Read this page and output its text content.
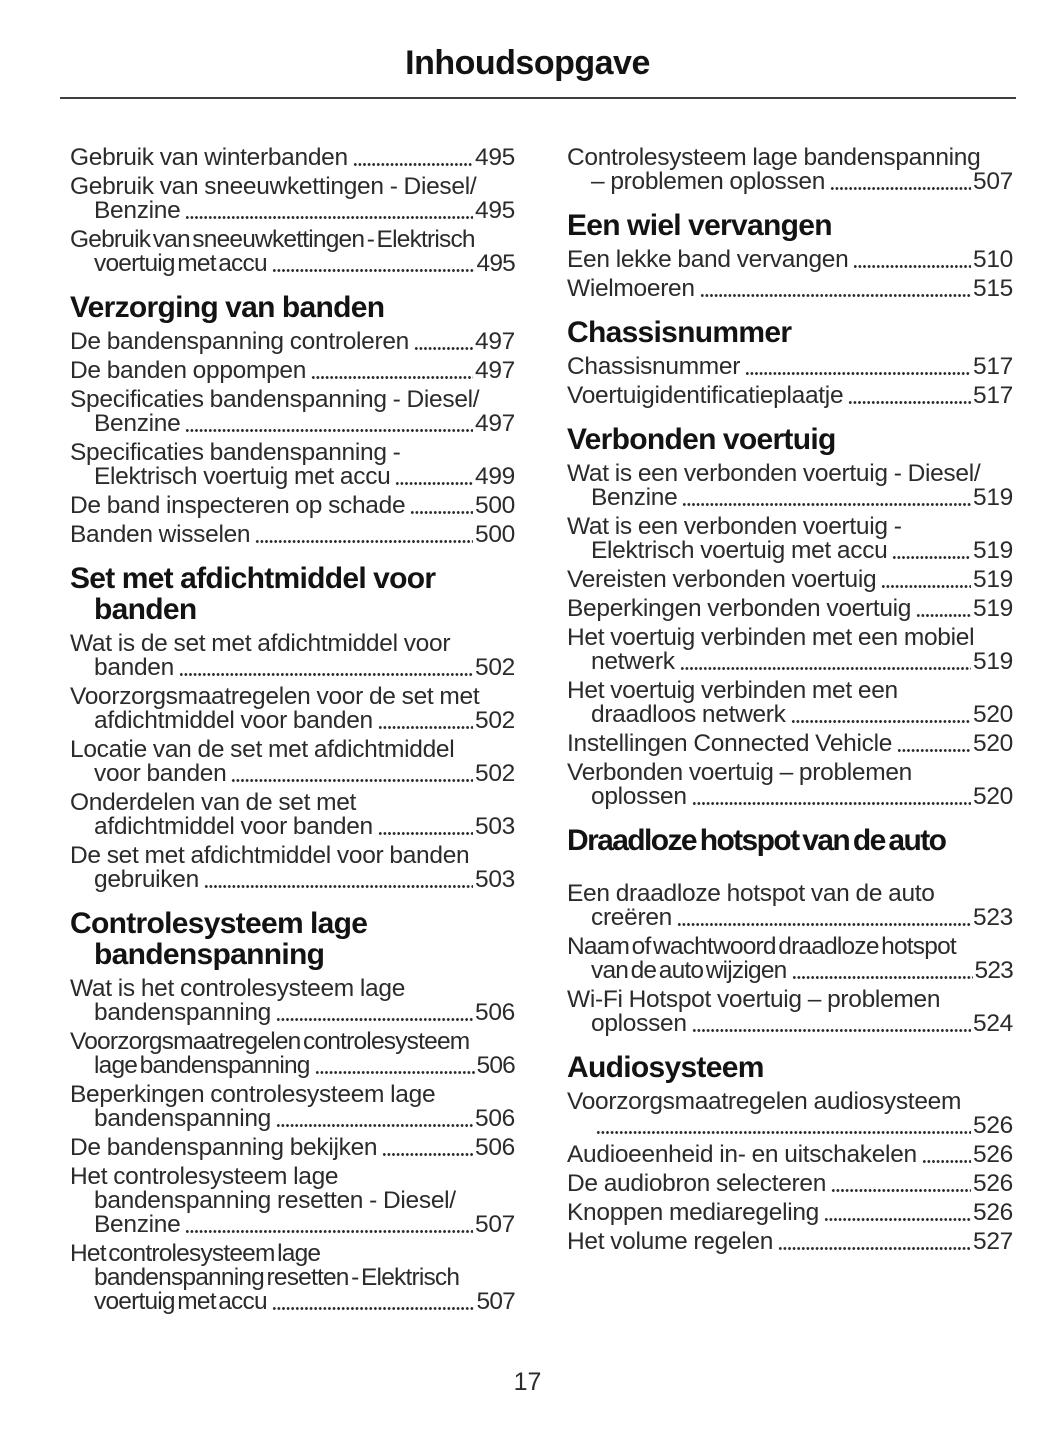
Inhoudsopgave
Gebruik van winterbanden	495
Gebruik van sneeuwkettingen - Diesel/
Benzine	495
Gebruik van sneeuwkettingen - Elektrisch
voertuig met accu	495
Verzorging van banden
De bandenspanning controleren	497
De banden oppompen	497
Specificaties bandenspanning - Diesel/
Benzine	497
Specificaties bandenspanning -
Elektrisch voertuig met accu	499
De band inspecteren op schade	500
Banden wisselen	500
Set met afdichtmiddel voor
banden
Wat is de set met afdichtmiddel voor
banden	502
Voorzorgsmaatregelen voor de set met
afdichtmiddel voor banden	502
Locatie van de set met afdichtmiddel
voor banden	502
Onderdelen van de set met
afdichtmiddel voor banden	503
De set met afdichtmiddel voor banden
gebruiken	503
Controlesysteem lage
bandenspanning
Wat is het controlesysteem lage
bandenspanning	506
Voorzorgsmaatregelen controlesysteem
lage bandenspanning	506
Beperkingen controlesysteem lage
bandenspanning	506
De bandenspanning bekijken	506
Het controlesysteem lage
bandenspanning resetten - Diesel/
Benzine	507
Het controlesysteem lage
bandenspanning resetten - Elektrisch
voertuig met accu	507
Controlesysteem lage bandenspanning
– problemen oplossen	507
Een wiel vervangen
Een lekke band vervangen	510
Wielmoeren	515
Chassisnummer
Chassisnummer	517
Voertuigidentificatieplaatje	517
Verbonden voertuig
Wat is een verbonden voertuig - Diesel/
Benzine	519
Wat is een verbonden voertuig -
Elektrisch voertuig met accu	519
Vereisten verbonden voertuig	519
Beperkingen verbonden voertuig	519
Het voertuig verbinden met een mobiel
netwerk	519
Het voertuig verbinden met een
draadloos netwerk	520
Instellingen Connected Vehicle	520
Verbonden voertuig – problemen
oplossen	520
Draadloze hotspot van de auto
Een draadloze hotspot van de auto
creëren	523
Naam of wachtwoord draadloze hotspot
van de auto wijzigen	523
Wi-Fi Hotspot voertuig – problemen
oplossen	524
Audiosysteem
Voorzorgsmaatregelen audiosysteem
526
Audioeenheid in- en uitschakelen 526
De audiobron selecteren	526
Knoppen mediaregeling	526
Het volume regelen	527
17
